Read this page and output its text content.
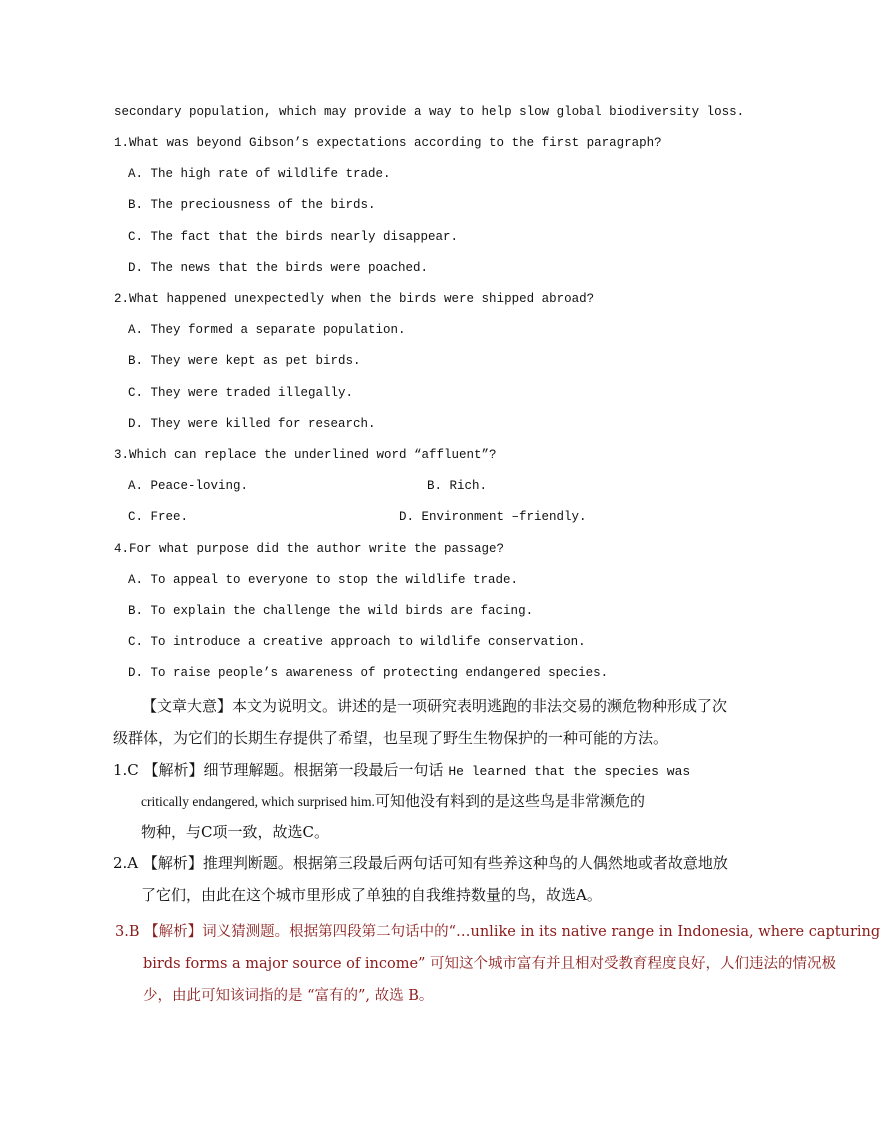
secondary population, which may provide a way to help slow global biodiversity loss.
1.What was beyond Gibson’s expectations according to the first paragraph?
A. The high rate of wildlife trade.
B. The preciousness of the birds.
C. The fact that the birds nearly disappear.
D. The news that the birds were poached.
2.What happened unexpectedly when the birds were shipped abroad?
A. They formed a separate population.
B. They were kept as pet birds.
C. They were traded illegally.
D. They were killed for research.
3.Which can replace the underlined word “affluent”?
A. Peace-loving.	B. Rich.
C. Free.	D. Environment –friendly.
4.For what purpose did the author write the passage?
A. To appeal to everyone to stop the wildlife trade.
B. To explain the challenge the wild birds are facing.
C. To introduce a creative approach to wildlife conservation.
D. To raise people’s awareness of protecting endangered species.
【文章大意】本文为说明文。讲述的是一项研究表明逃跑的非法交易的濒危物种形成了次
级群体，为它们的长期生存提供了希望，也呈现了野生生物保护的一种可能的方法。
1.C 【解析】细节理解题。根据第一段最后一句话 He learned that the species was
critically endangered, which surprised him.可知他没有料到的是这些鸟是非常濒危的
物种，与C项一致，故选C。
2.A 【解析】推理判断题。根据第三段最后两句话可知有些养这种鸟的人偶然地或者故意地放
了它们，由此在这个城市里形成了单独的自我维持数量的鸟，故选A。
3.B 【解析】词义猜测题。根据第四段第二句话中的“…unlike in its native range in Indonesia, where capturing
birds forms a major source of income” 可知这个城市富有并且相对受教育程度良好，人们违法的情况极
少，由此可知该词指的是 “富有的”, 故选 B。
